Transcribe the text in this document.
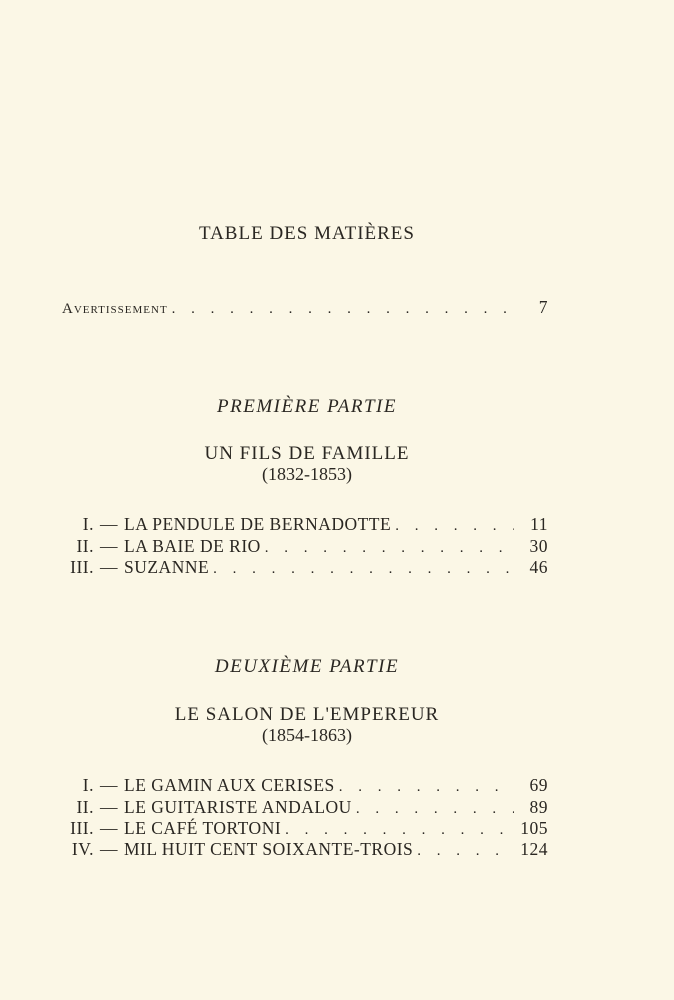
TABLE DES MATIÈRES
Avertissement . . .	7
PREMIÈRE PARTIE
UN FILS DE FAMILLE
(1832-1853)
I. — LA PENDULE DE BERNADOTTE . . .	11
II. — LA BAIE DE RIO . . .	30
III. — SUZANNE . . .	46
DEUXIÈME PARTIE
LE SALON DE L'EMPEREUR
(1854-1863)
I. — LE GAMIN AUX CERISES . . .	69
II. — LE GUITARISTE ANDALOU . . .	89
III. — LE CAFÉ TORTONI . . .	105
IV. — MIL HUIT CENT SOIXANTE-TROIS . . .	124
